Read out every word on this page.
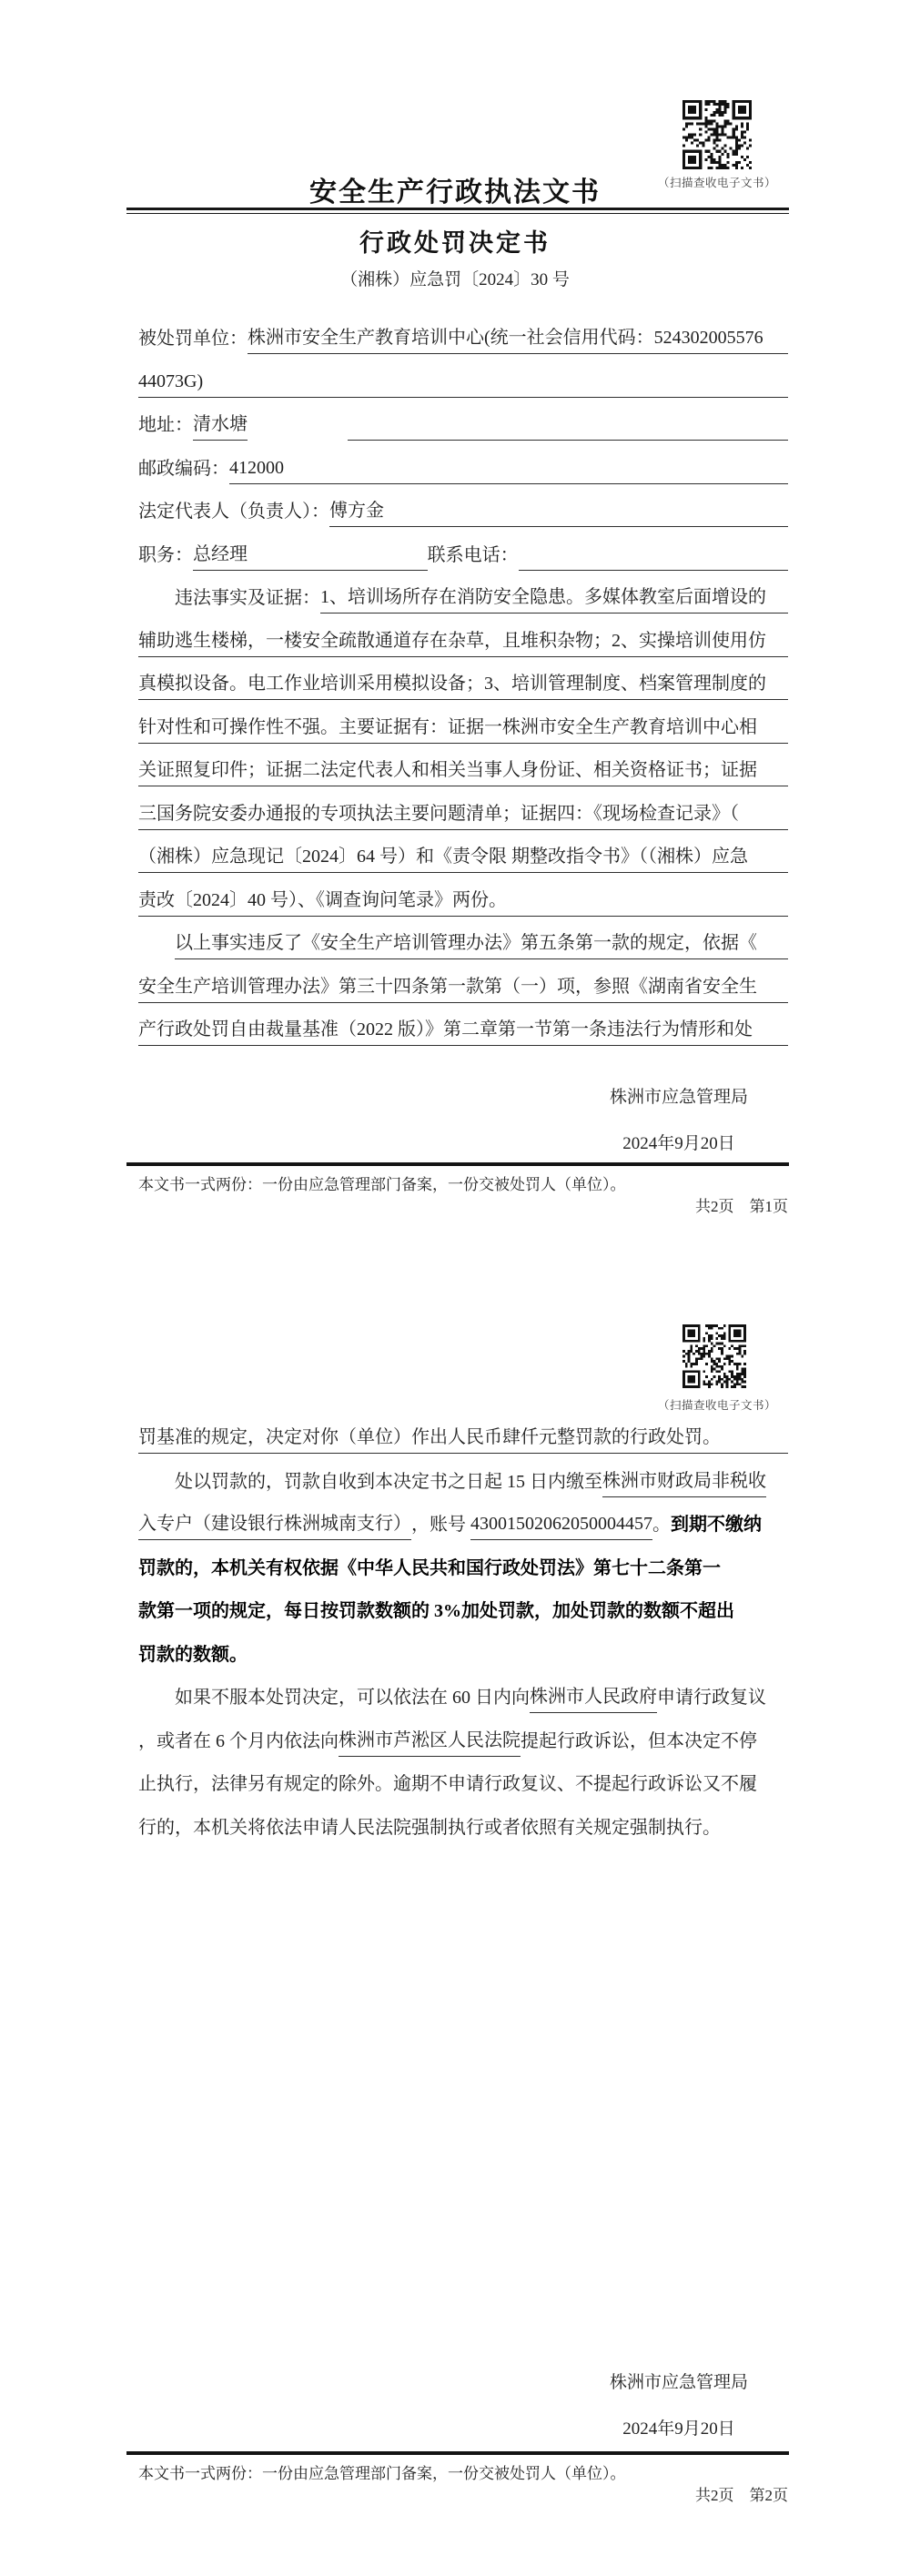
（扫描查收电子文书）
安全生产行政执法文书
行政处罚决定书
（湘株）应急罚〔2024〕30 号
被处罚单位： 株洲市安全生产教育培训中心(统一社会信用代码：524302005576
44073G)
地址： 清水塘
邮政编码： 412000
法定代表人（负责人）： 傅方金
职务： 总经理	联系电话：
违法事实及证据： 1、培训场所存在消防安全隐患。多媒体教室后面增设的
辅助逃生楼梯，一楼安全疏散通道存在杂草，且堆积杂物；2、实操培训使用仿
真模拟设备。电工作业培训采用模拟设备；3、培训管理制度、档案管理制度的
针对性和可操作性不强。主要证据有：证据一株洲市安全生产教育培训中心相
关证照复印件；证据二法定代表人和相关当事人身份证、相关资格证书；证据
三国务院安委办通报的专项执法主要问题清单；证据四：《现场检查记录》（
（湘株）应急现记〔2024〕64 号）和《责令限 期整改指令书》（（湘株）应急
责改〔2024〕40 号）、《调查询问笔录》两份。
以上事实违反了《安全生产培训管理办法》第五条第一款的规定，依据《
安全生产培训管理办法》第三十四条第一款第（一）项，参照《湖南省安全生
产行政处罚自由裁量基准（2022 版）》第二章第一节第一条违法行为情形和处
株洲市应急管理局
2024年9月20日
本文书一式两份：一份由应急管理部门备案，一份交被处罚人（单位）。
共2页　第1页
（扫描查收电子文书）
罚基准的规定，决定对你（单位）作出人民币肆仟元整罚款的行政处罚。
处以罚款的，罚款自收到本决定书之日起 15 日内缴至 株洲市财政局非税收
入专户（建设银行株洲城南支行） ，账号 43001502062050004457 。 到期不缴纳
罚款的，本机关有权依据《中华人民共和国行政处罚法》第七十二条第一
款第一项的规定，每日按罚款数额的 3%加处罚款，加处罚款的数额不超出
罚款的数额。
如果不服本处罚决定，可以依法在 60 日内向 株洲市人民政府 申请行政复议
，或者在 6 个月内依法向 株洲市芦淞区人民法院 提起行政诉讼，但本决定不停
止执行，法律另有规定的除外。逾期不申请行政复议、不提起行政诉讼又不履
行的，本机关将依法申请人民法院强制执行或者依照有关规定强制执行。
株洲市应急管理局
2024年9月20日
本文书一式两份：一份由应急管理部门备案，一份交被处罚人（单位）。
共2页　第2页
